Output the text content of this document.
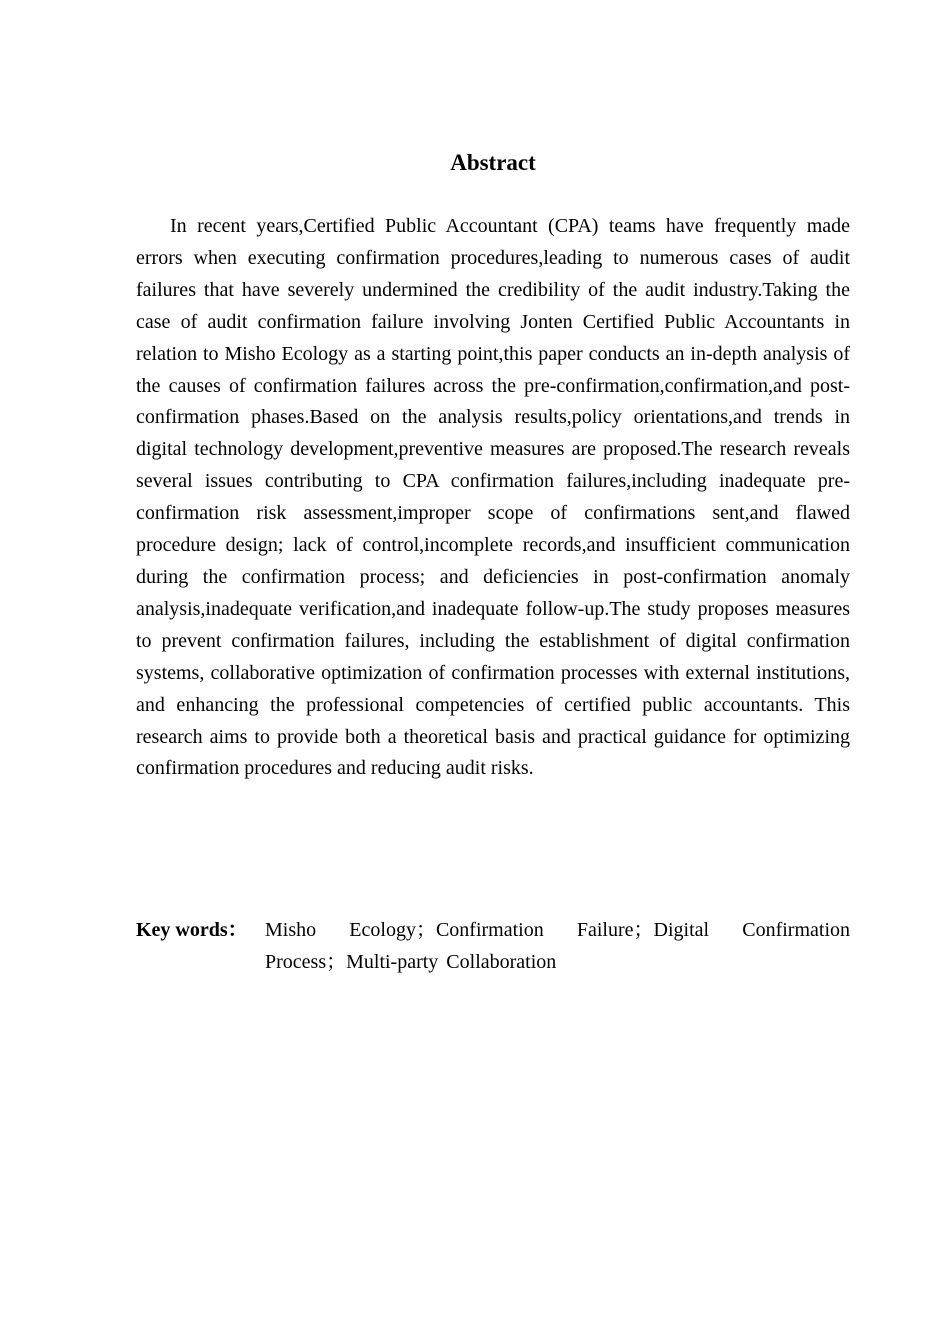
Abstract

In recent years,Certified Public Accountant (CPA) teams have frequently made errors when executing confirmation procedures,leading to numerous cases of audit failures that have severely undermined the credibility of the audit industry.Taking the case of audit confirmation failure involving Jonten Certified Public Accountants in relation to Misho Ecology as a starting point,this paper conducts an in-depth analysis of the causes of confirmation failures across the pre-confirmation,confirmation,and post-confirmation phases.Based on the analysis results,policy orientations,and trends in digital technology development,preventive measures are proposed.The research reveals several issues contributing to CPA confirmation failures,including inadequate pre-confirmation risk assessment,improper scope of confirmations sent,and flawed procedure design; lack of control,incomplete records,and insufficient communication during the confirmation process; and deficiencies in post-confirmation anomaly analysis,inadequate verification,and inadequate follow-up.The study proposes measures to prevent confirmation failures, including the establishment of digital confirmation systems, collaborative optimization of confirmation processes with external institutions, and enhancing the professional competencies of certified public accountants. This research aims to provide both a theoretical basis and practical guidance for optimizing confirmation procedures and reducing audit risks.

Key words： Misho Ecology；Confirmation Failure；Digital Confirmation Process；Multi-party Collaboration
